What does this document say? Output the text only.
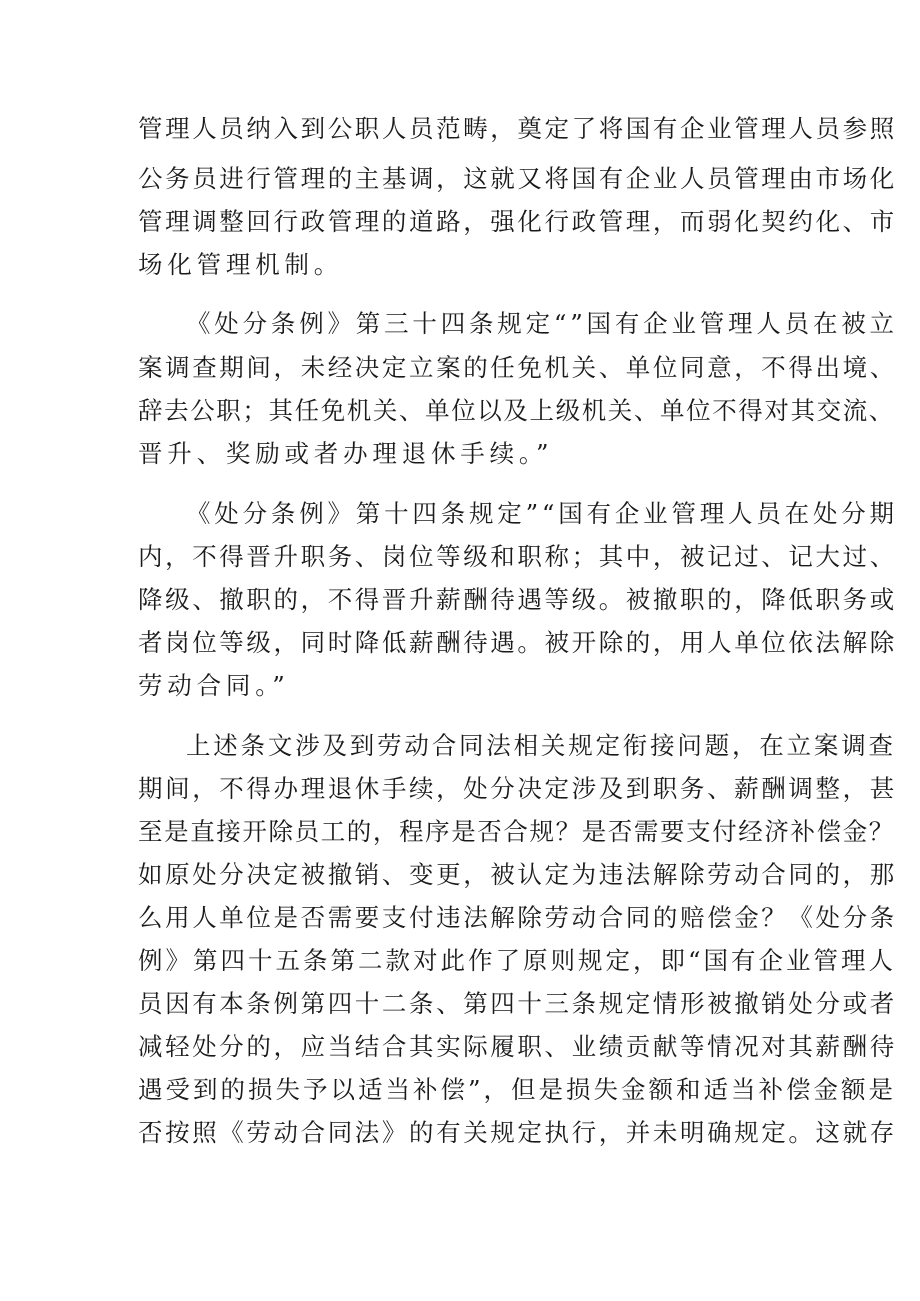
管理人员纳入到公职人员范畴，奠定了将国有企业管理人员参照
公务员进行管理的主基调，这就又将国有企业人员管理由市场化
管理调整回行政管理的道路，强化行政管理，而弱化契约化、市
场化管理机制。
《处分条例》第三十四条规定“”国有企业管理人员在被立
案调查期间，未经决定立案的任免机关、单位同意，不得出境、
辞去公职；其任免机关、单位以及上级机关、单位不得对其交流、
晋升、奖励或者办理退休手续。”
《处分条例》第十四条规定”“国有企业管理人员在处分期
内，不得晋升职务、岗位等级和职称；其中，被记过、记大过、
降级、撤职的，不得晋升薪酬待遇等级。被撤职的，降低职务或
者岗位等级，同时降低薪酬待遇。被开除的，用人单位依法解除
劳动合同。”
上述条文涉及到劳动合同法相关规定衔接问题，在立案调查
期间，不得办理退休手续，处分决定涉及到职务、薪酬调整，甚
至是直接开除员工的，程序是否合规？是否需要支付经济补偿金？
如原处分决定被撤销、变更，被认定为违法解除劳动合同的，那
么用人单位是否需要支付违法解除劳动合同的赔偿金？《处分条
例》第四十五条第二款对此作了原则规定，即“国有企业管理人
员因有本条例第四十二条、第四十三条规定情形被撤销处分或者
减轻处分的，应当结合其实际履职、业绩贡献等情况对其薪酬待
遇受到的损失予以适当补偿”，但是损失金额和适当补偿金额是
否按照《劳动合同法》的有关规定执行，并未明确规定。这就存
